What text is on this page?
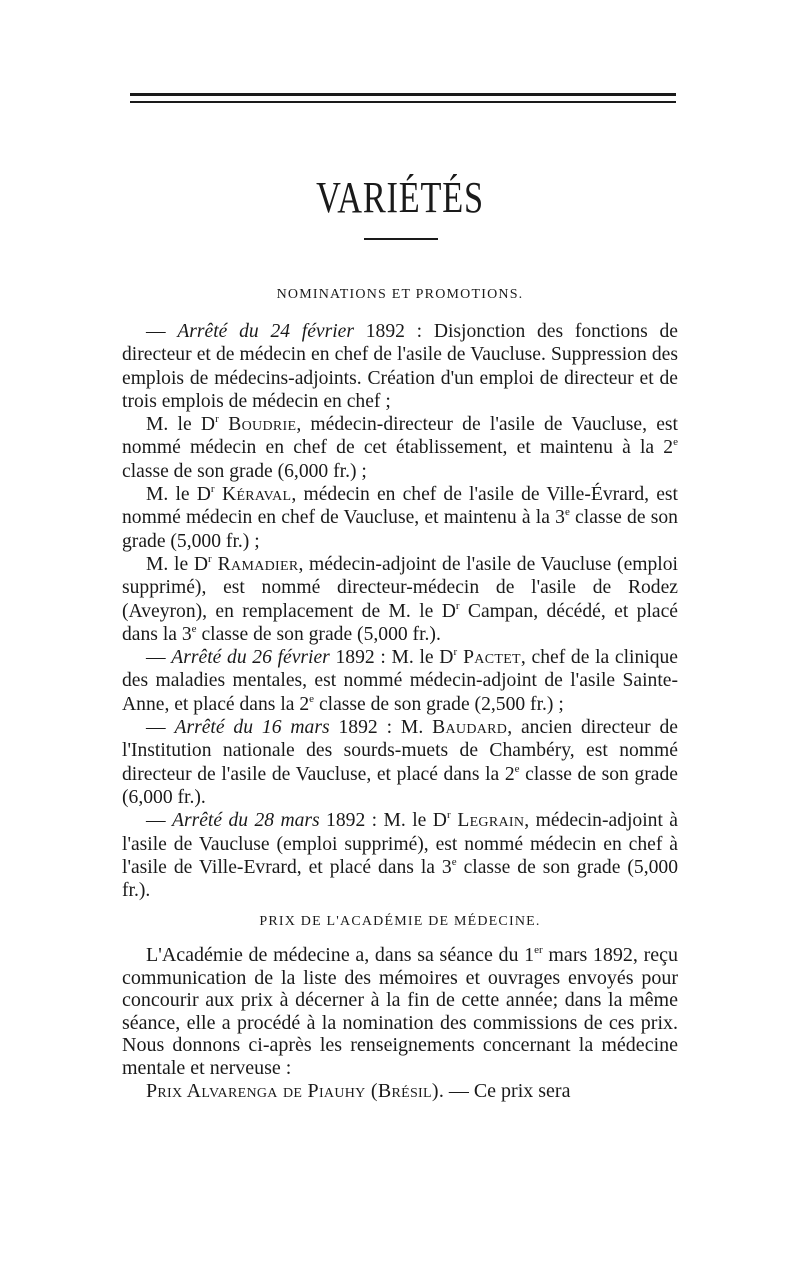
VARIÉTÉS
NOMINATIONS ET PROMOTIONS.

— Arrêté du 24 février 1892 : Disjonction des fonctions de directeur et de médecin en chef de l'asile de Vaucluse. Suppression des emplois de médecins-adjoints. Création d'un emploi de directeur et de trois emplois de médecin en chef ;

M. le $D^r$ Boudrie, médecin-directeur de l'asile de Vaucluse, est nommé médecin en chef de cet établissement, et maintenu à la 2e classe de son grade (6,000 fr.) ;

M. le $D^r$ Kéraval, médecin en chef de l'asile de Ville-Évrard, est nommé médecin en chef de Vaucluse, et maintenu à la 3e classe de son grade (5,000 fr.) ;

M. le $D^r$ Ramadier, médecin-adjoint de l'asile de Vaucluse (emploi supprimé), est nommé directeur-médecin de l'asile de Rodez (Aveyron), en remplacement de M. le $D^r$ Campan, décédé, et placé dans la 3e classe de son grade (5,000 fr.).

— Arrêté du 26 février 1892 : M. le $D^r$ Pactet, chef de la clinique des maladies mentales, est nommé médecin-adjoint de l'asile Sainte-Anne, et placé dans la 2e classe de son grade (2,500 fr.) ;

— Arrêté du 16 mars 1892 : M. Baudard, ancien directeur de l'Institution nationale des sourds-muets de Chambéry, est nommé directeur de l'asile de Vaucluse, et placé dans la 2e classe de son grade (6,000 fr.).

— Arrêté du 28 mars 1892 : M. le $D^r$ Legrain, médecin-adjoint à l'asile de Vaucluse (emploi supprimé), est nommé médecin en chef à l'asile de Ville-Evrard, et placé dans la 3e classe de son grade (5,000 fr.).

PRIX DE L'ACADÉMIE DE MÉDECINE.

L'Académie de médecine a, dans sa séance du 1er mars 1892, reçu communication de la liste des mémoires et ouvrages envoyés pour concourir aux prix à décerner à la fin de cette année; dans la même séance, elle a procédé à la nomination des commissions de ces prix. Nous donnons ci-après les renseignements concernant la médecine mentale et nerveuse :

Prix Alvarenga de Piauhy (Brésil). — Ce prix sera
